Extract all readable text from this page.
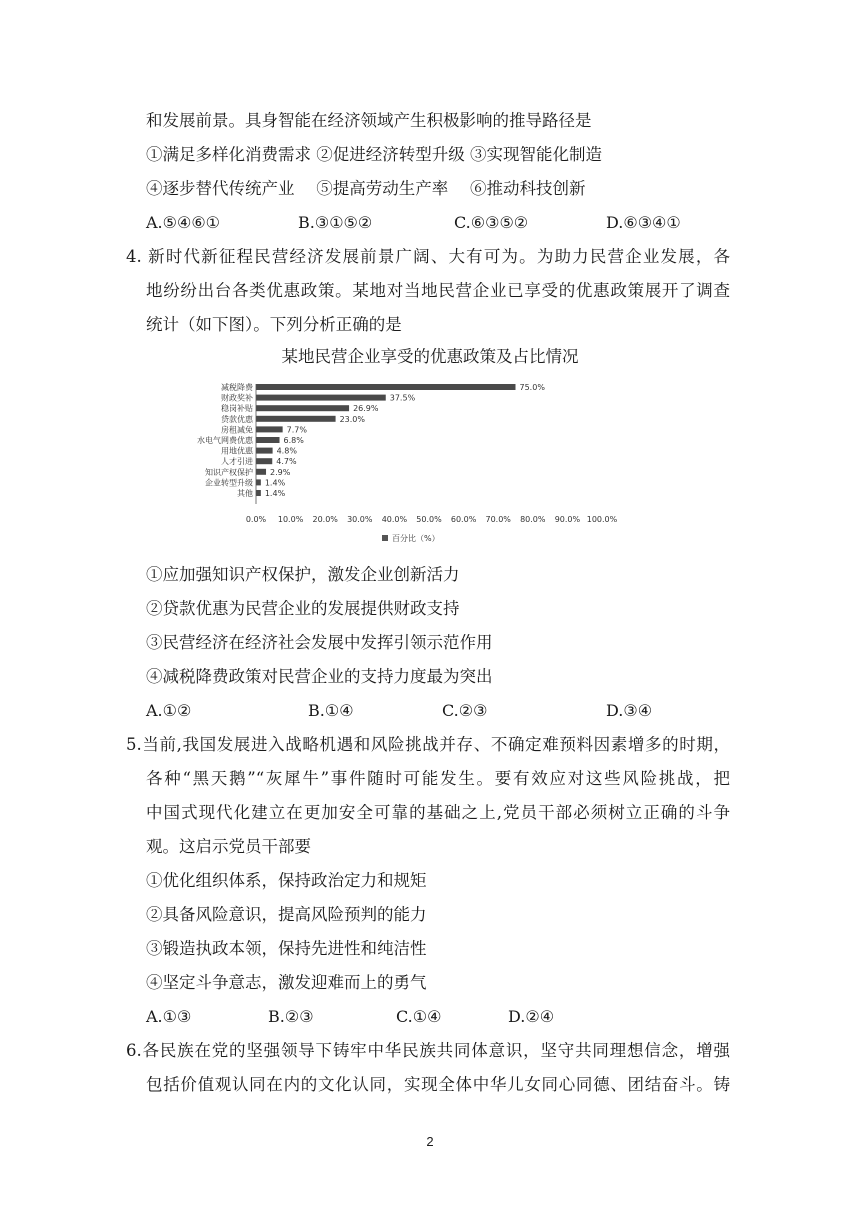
和发展前景。具身智能在经济领域产生积极影响的推导路径是
①满足多样化消费需求 ②促进经济转型升级 ③实现智能化制造
④逐步替代传统产业　 ⑤提高劳动生产率 　⑥推动科技创新
A.⑤④⑥①	B.③①⑤②	C.⑥③⑤②	D.⑥③④①
4. 新时代新征程民营经济发展前景广阔、大有可为。为助力民营企业发展，各
地纷纷出台各类优惠政策。某地对当地民营企业已享受的优惠政策展开了调查
统计（如下图）。下列分析正确的是
某地民营企业享受的优惠政策及占比情况
减税降费
财政奖补
稳岗补贴
贷款优惠
房租减免
水电气网费优惠
用地优惠
人才引进
知识产权保护
企业转型升级
其他
75.0%
37.5%
26.9%
23.0%
7.7%
6.8%
4.8%
4.7%
2.9%
1.4%
1.4%
0.0% 10.0% 20.0% 30.0% 40.0% 50.0% 60.0% 70.0% 80.0% 90.0% 100.0%
百分比（%）
①应加强知识产权保护，激发企业创新活力
②贷款优惠为民营企业的发展提供财政支持
③民营经济在经济社会发展中发挥引领示范作用
④减税降费政策对民营企业的支持力度最为突出
A.①②	B.①④	C.②③	D.③④
5.当前,我国发展进入战略机遇和风险挑战并存、不确定难预料因素增多的时期，
各种“黑天鹅”“灰犀牛”事件随时可能发生。要有效应对这些风险挑战，把
中国式现代化建立在更加安全可靠的基础之上,党员干部必须树立正确的斗争
观。这启示党员干部要
①优化组织体系，保持政治定力和规矩
②具备风险意识，提高风险预判的能力
③锻造执政本领，保持先进性和纯洁性
④坚定斗争意志，激发迎难而上的勇气
A.①③	B.②③	C.①④	D.②④
6.各民族在党的坚强领导下铸牢中华民族共同体意识，坚守共同理想信念，增强
包括价值观认同在内的文化认同，实现全体中华儿女同心同德、团结奋斗。铸
2
